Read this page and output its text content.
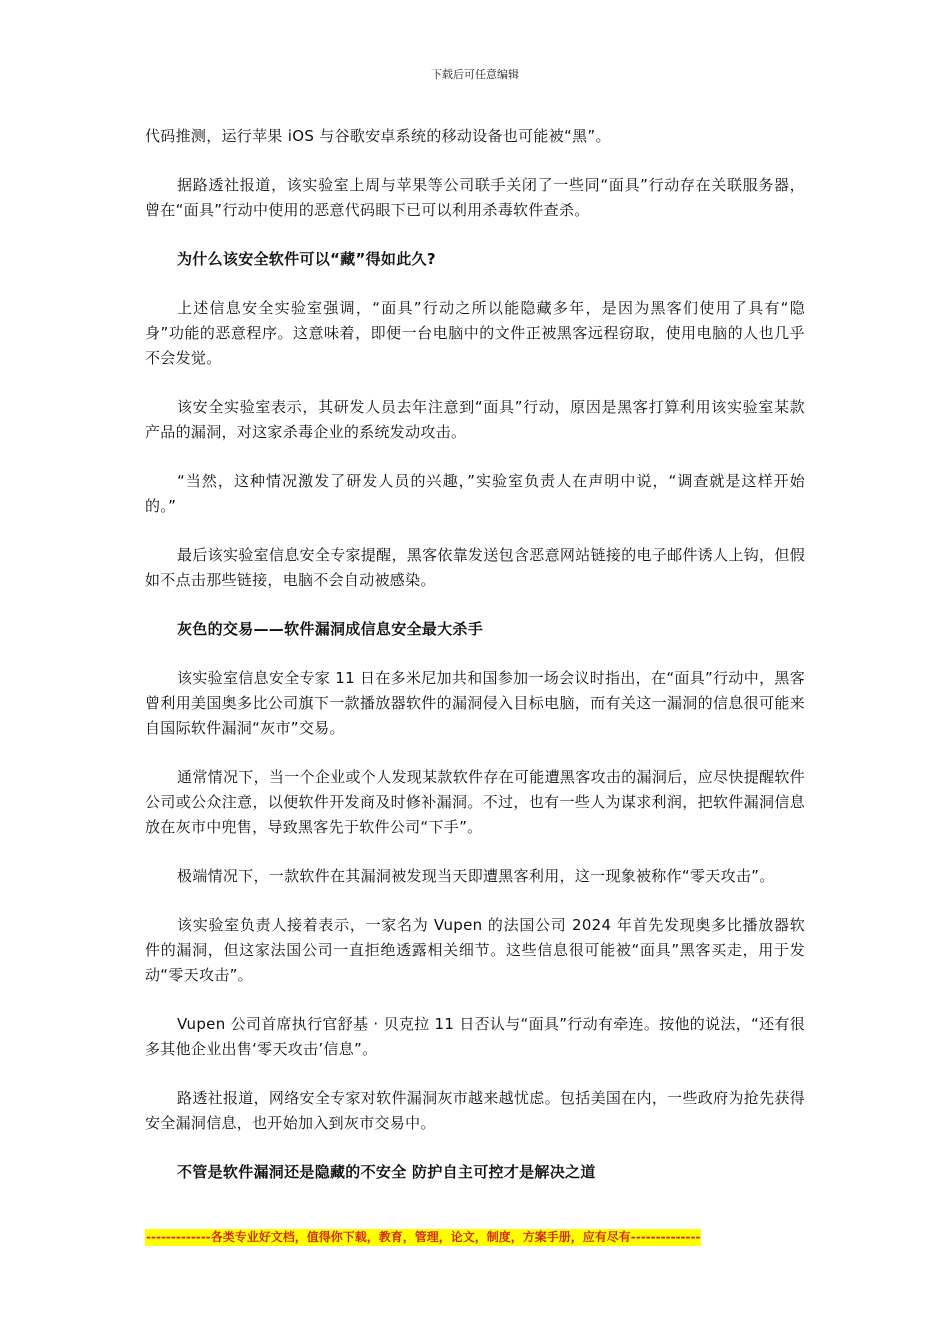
下载后可任意编辑

代码推测，运行苹果 iOS 与谷歌安卓系统的移动设备也可能被“黑”。

据路透社报道，该实验室上周与苹果等公司联手关闭了一些同“面具”行动存在关联服务器，曾在“面具”行动中使用的恶意代码眼下已可以利用杀毒软件查杀。

为什么该安全软件可以“藏”得如此久?

上述信息安全实验室强调，“面具”行动之所以能隐藏多年，是因为黑客们使用了具有“隐身”功能的恶意程序。这意味着，即便一台电脑中的文件正被黑客远程窃取，使用电脑的人也几乎不会发觉。

该安全实验室表示，其研发人员去年注意到“面具”行动，原因是黑客打算利用该实验室某款产品的漏洞，对这家杀毒企业的系统发动攻击。

“当然，这种情况激发了研发人员的兴趣，”实验室负责人在声明中说，“调查就是这样开始的。”

最后该实验室信息安全专家提醒，黑客依靠发送包含恶意网站链接的电子邮件诱人上钩，但假如不点击那些链接，电脑不会自动被感染。

灰色的交易——软件漏洞成信息安全最大杀手

该实验室信息安全专家 11 日在多米尼加共和国参加一场会议时指出，在“面具”行动中，黑客曾利用美国奥多比公司旗下一款播放器软件的漏洞侵入目标电脑，而有关这一漏洞的信息很可能来自国际软件漏洞“灰市”交易。

通常情况下，当一个企业或个人发现某款软件存在可能遭黑客攻击的漏洞后，应尽快提醒软件公司或公众注意，以便软件开发商及时修补漏洞。不过，也有一些人为谋求利润，把软件漏洞信息放在灰市中兜售，导致黑客先于软件公司“下手”。

极端情况下，一款软件在其漏洞被发现当天即遭黑客利用，这一现象被称作“零天攻击”。

该实验室负责人接着表示，一家名为 Vupen 的法国公司 2024 年首先发现奥多比播放器软件的漏洞，但这家法国公司一直拒绝透露相关细节。这些信息很可能被“面具”黑客买走，用于发动“零天攻击”。

Vupen 公司首席执行官舒基 · 贝克拉 11 日否认与“面具”行动有牵连。按他的说法，“还有很多其他企业出售‘零天攻击’信息”。

路透社报道，网络安全专家对软件漏洞灰市越来越忧虑。包括美国在内，一些政府为抢先获得安全漏洞信息，也开始加入到灰市交易中。

不管是软件漏洞还是隐藏的不安全 防护自主可控才是解决之道

-------------各类专业好文档，值得你下载，教育，管理，论文，制度，方案手册，应有尽有--------------
